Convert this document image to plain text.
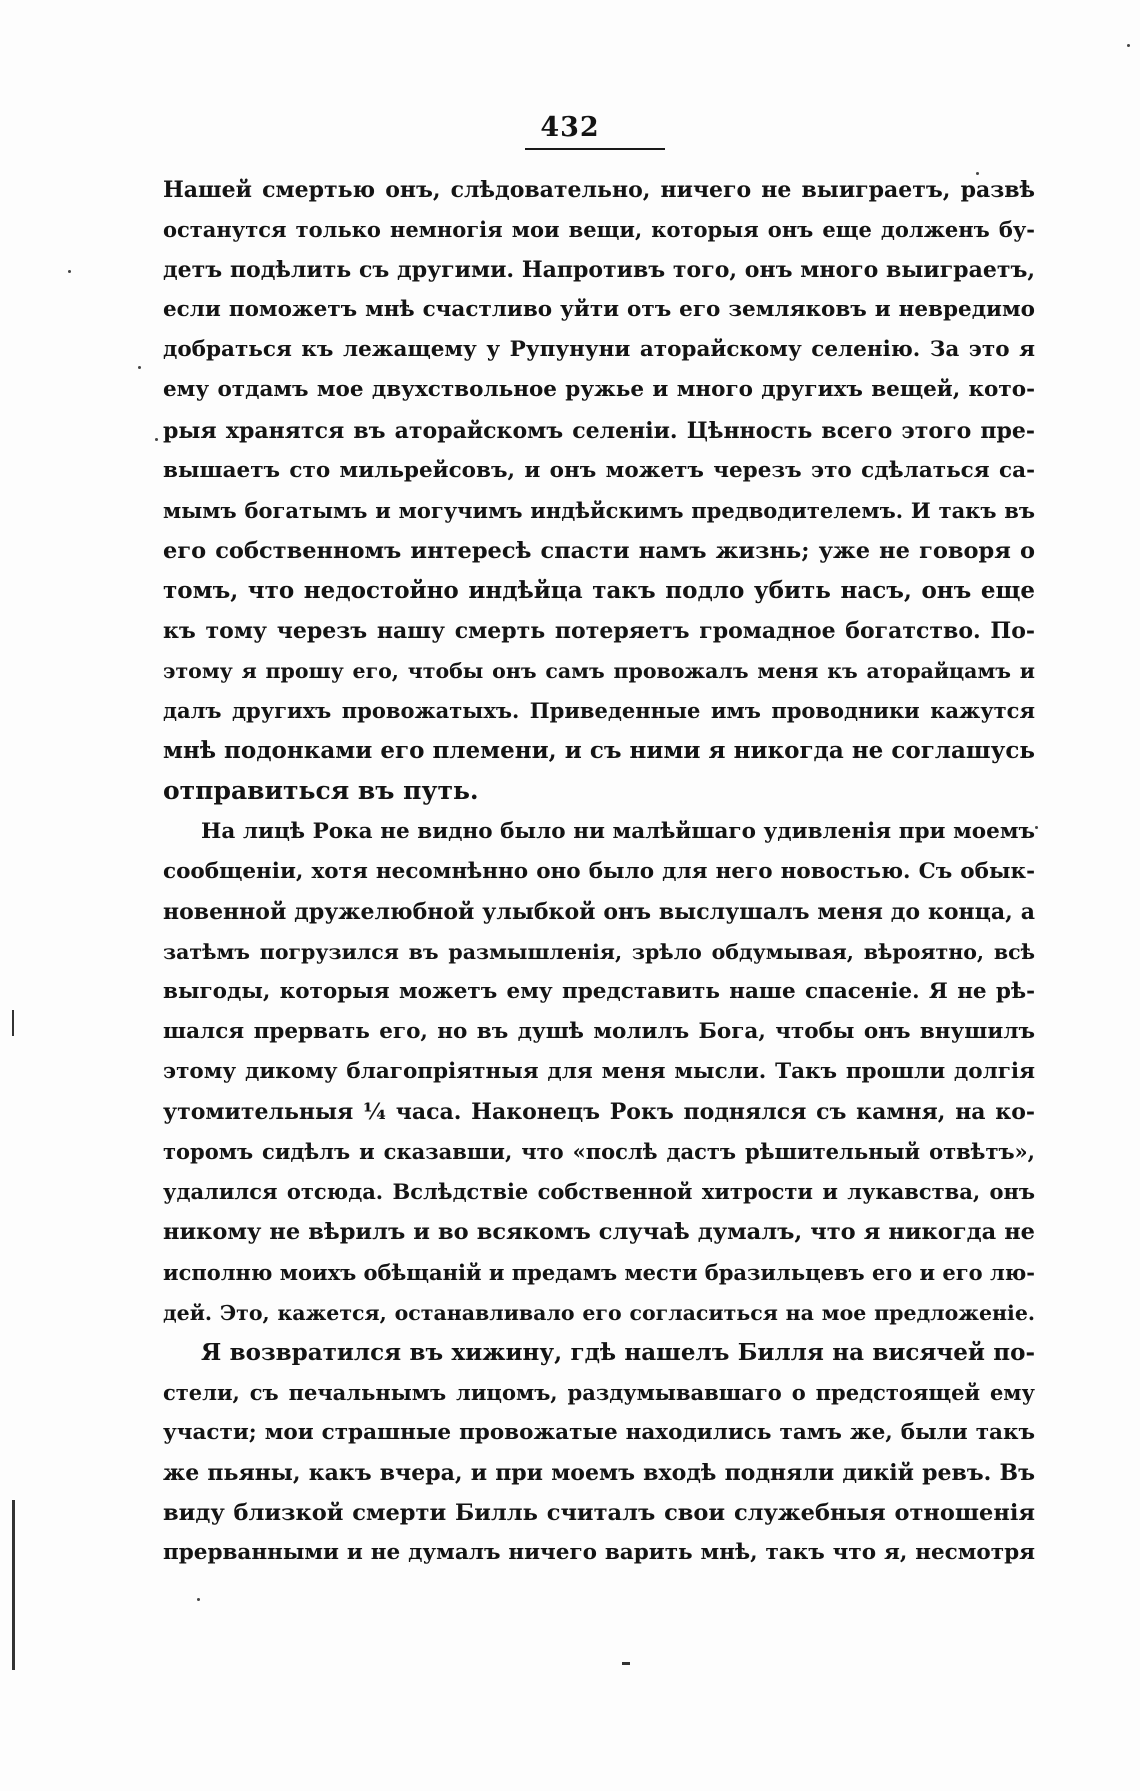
432
Нашей смертью онъ, слѣдовательно, ничего не выиграетъ, развѣ
останутся только немногія мои вещи, которыя онъ еще долженъ бу-
детъ подѣлить съ другими. Напротивъ того, онъ много выиграетъ,
если поможетъ мнѣ счастливо уйти отъ его земляковъ и невредимо
добраться къ лежащему у Рупунуни аторайскому селенію. За это я
ему отдамъ мое двухствольное ружье и много другихъ вещей, кото-
рыя хранятся въ аторайскомъ селеніи. Цѣнность всего этого пре-
вышаетъ сто мильрейсовъ, и онъ можетъ черезъ это сдѣлаться са-
мымъ богатымъ и могучимъ индѣйскимъ предводителемъ. И такъ въ
его собственномъ интересѣ спасти намъ жизнь; уже не говоря о
томъ, что недостойно индѣйца такъ подло убить насъ, онъ еще
къ тому черезъ нашу смерть потеряетъ громадное богатство. По-
этому я прошу его, чтобы онъ самъ провожалъ меня къ аторайцамъ и
далъ другихъ провожатыхъ. Приведенные имъ проводники кажутся
мнѣ подонками его племени, и съ ними я никогда не соглашусь
отправиться въ путь.
На лицѣ Рока не видно было ни малѣйшаго удивленія при моемъ
сообщеніи, хотя несомнѣнно оно было для него новостью. Съ обык-
новенной дружелюбной улыбкой онъ выслушалъ меня до конца, а
затѣмъ погрузился въ размышленія, зрѣло обдумывая, вѣроятно, всѣ
выгоды, которыя можетъ ему представить наше спасеніе. Я не рѣ-
шался прервать его, но въ душѣ молилъ Бога, чтобы онъ внушилъ
этому дикому благопріятныя для меня мысли. Такъ прошли долгія
утомительныя ¼ часа. Наконецъ Рокъ поднялся съ камня, на ко-
торомъ сидѣлъ и сказавши, что «послѣ дастъ рѣшительный отвѣтъ»,
удалился отсюда. Вслѣдствіе собственной хитрости и лукавства, онъ
никому не вѣрилъ и во всякомъ случаѣ думалъ, что я никогда не
исполню моихъ обѣщаній и предамъ мести бразильцевъ его и его лю-
дей. Это, кажется, останавливало его согласиться на мое предложеніе.
Я возвратился въ хижину, гдѣ нашелъ Билля на висячей по-
стели, съ печальнымъ лицомъ, раздумывавшаго о предстоящей ему
участи; мои страшные провожатые находились тамъ же, были такъ
же пьяны, какъ вчера, и при моемъ входѣ подняли дикій ревъ. Въ
виду близкой смерти Билль считалъ свои служебныя отношенія
прерванными и не думалъ ничего варить мнѣ, такъ что я, несмотря
